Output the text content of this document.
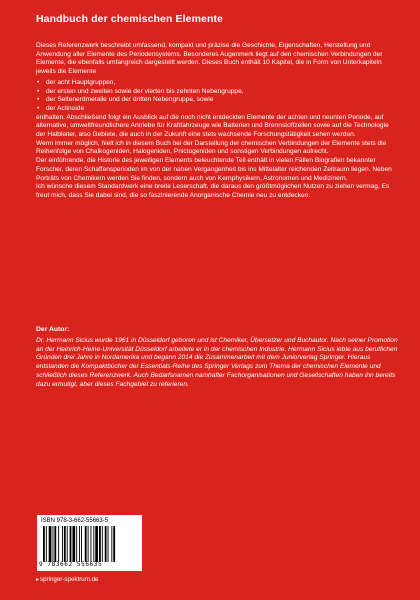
Handbuch der chemischen Elemente

Dieses Referenzwerk beschreibt umfassend, kompakt und präzise die Geschichte, Eigenschaften, Herstellung und Anwendung aller Elemente des Periodensystems. Besonderes Augenmerk liegt auf den chemischen Verbindungen der Elemente, die ebenfalls umfangreich dargestellt werden. Dieses Buch enthält 10 Kapitel, die in Form von Unterkapiteln jeweils die Elemente

• der acht Hauptgruppen,
• der ersten und zweiten sowie der vierten bis zehnten Nebengruppe,
• der Seltenerdmetalle und der dritten Nebengruppe, sowie
• der Actinoide

enthalten. Abschließend folgt ein Ausblick auf die noch nicht entdeckten Elemente der achten und neunten Periode, auf alternative, umweltfreundlichere Antriebe für Kraftfahrzeuge wie Batterien und Brennstoffzellen sowie auf die Technologie der Halbleiter, also Gebiete, die auch in der Zukunft eine stets wachsende Forschungstätigkeit sehen werden.

Wenn immer möglich, hielt ich in diesem Buch bei der Darstellung der chemischen Verbindungen der Elemente stets die Reihenfolge von Chalkogeniden, Halogeniden, Pnictogeniden und sonstigen Verbindungen aufrecht.

Der einführende, die Historie des jeweiligen Elements beleuchtende Teil enthält in vielen Fällen Biografien bekannter Forscher, deren Schaffensperioden im von der nahen Vergangenheit bis ins Mittelalter reichenden Zeitraum liegen. Neben Porträts von Chemikern werden Sie finden, sondern auch von Kernphysikern, Astronomen und Medizinern.

Ich wünsche diesem Standardwerk eine breite Leserschaft, die daraus den größtmöglichen Nutzen zu ziehen vermag. Es freut mich, dass Sie dabei sind, die so faszinierende Anorganische Chemie neu zu entdecken.

Der Autor:
Dr. Hermann Sicius wurde 1961 in Düsseldorf geboren und ist Chemiker, Übersetzer und Buchautor. Nach seiner Promotion an der Heinrich-Heine-Universität Düsseldorf arbeitete er in der chemischen Industrie. Hermann Sicius lebte aus beruflichen Gründen drei Jahre in Nordamerika und begann 2014 die Zusammenarbeit mit dem Juniorverlag Springer. Hieraus entstanden die Kompaktbücher der Essentials-Reihe des Springer Verlags zum Thema der chemischen Elemente und schließlich dieses Referenzwerk. Auch Bedarfsnamen namhafter Fachorganisationen und Gesellschaften haben ihn bereits dazu ermutigt, aber dieses Fachgebiet zu referieren.
ISBN 978-3-662-55663-5
9 783662 556635
▸springer-spektrum.de
